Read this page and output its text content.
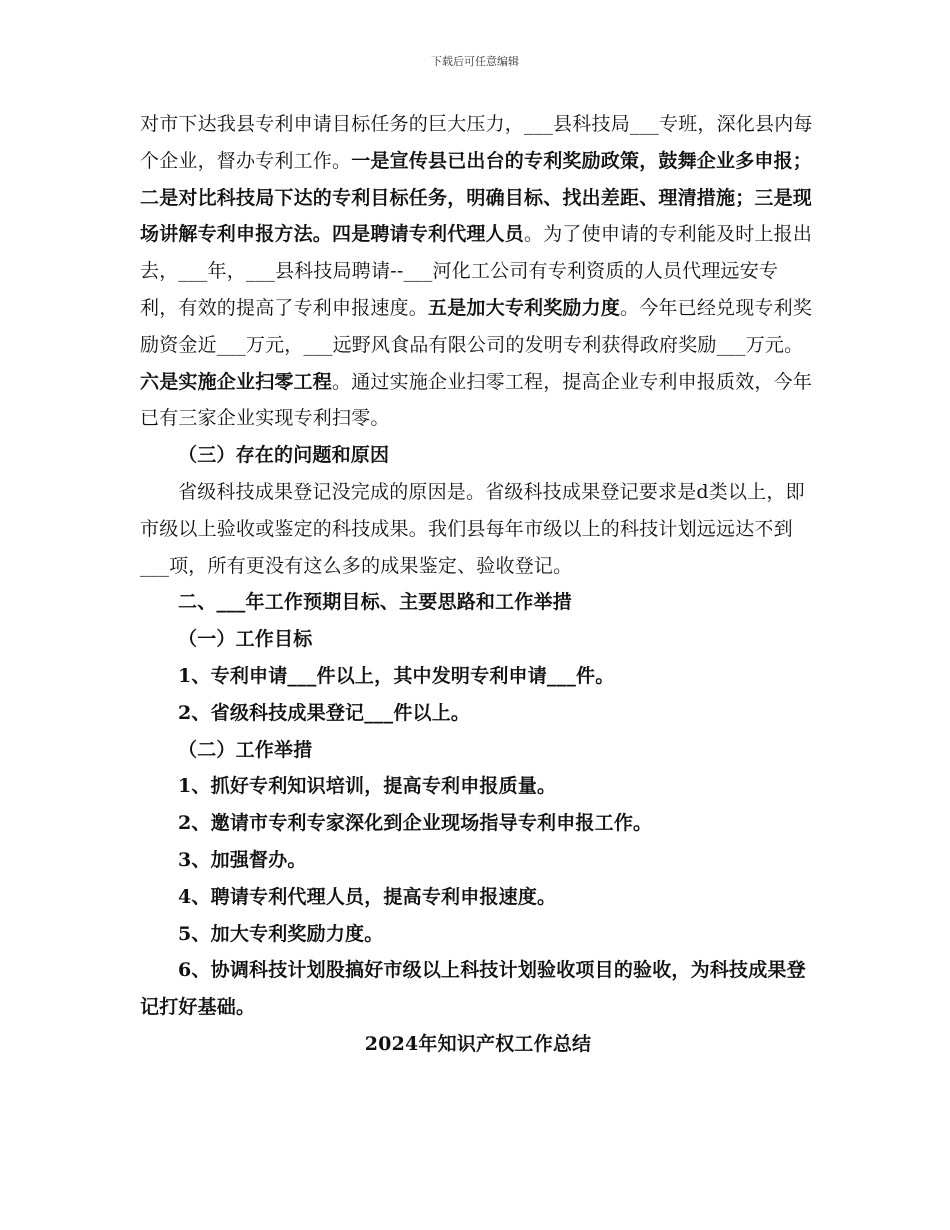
下载后可任意编辑

对市下达我县专利申请目标任务的巨大压力，___县科技局___专班，深化县内每个企业，督办专利工作。一是宣传县已出台的专利奖励政策，鼓舞企业多申报；二是对比科技局下达的专利目标任务，明确目标、找出差距、理清措施；三是现场讲解专利申报方法。四是聘请专利代理人员。为了使申请的专利能及时上报出去，___年，___县科技局聘请--___河化工公司有专利资质的人员代理远安专利，有效的提高了专利申报速度。五是加大专利奖励力度。今年已经兑现专利奖励资金近___万元，___远野风食品有限公司的发明专利获得政府奖励___万元。六是实施企业扫零工程。通过实施企业扫零工程，提高企业专利申报质效，今年已有三家企业实现专利扫零。

（三）存在的问题和原因

省级科技成果登记没完成的原因是。省级科技成果登记要求是d类以上，即市级以上验收或鉴定的科技成果。我们县每年市级以上的科技计划远远达不到___项，所有更没有这么多的成果鉴定、验收登记。

二、___年工作预期目标、主要思路和工作举措

（一）工作目标

1、专利申请___件以上，其中发明专利申请___件。

2、省级科技成果登记___件以上。

（二）工作举措

1、抓好专利知识培训，提高专利申报质量。

2、邀请市专利专家深化到企业现场指导专利申报工作。

3、加强督办。

4、聘请专利代理人员，提高专利申报速度。

5、加大专利奖励力度。

6、协调科技计划股搞好市级以上科技计划验收项目的验收，为科技成果登记打好基础。

2024年知识产权工作总结
